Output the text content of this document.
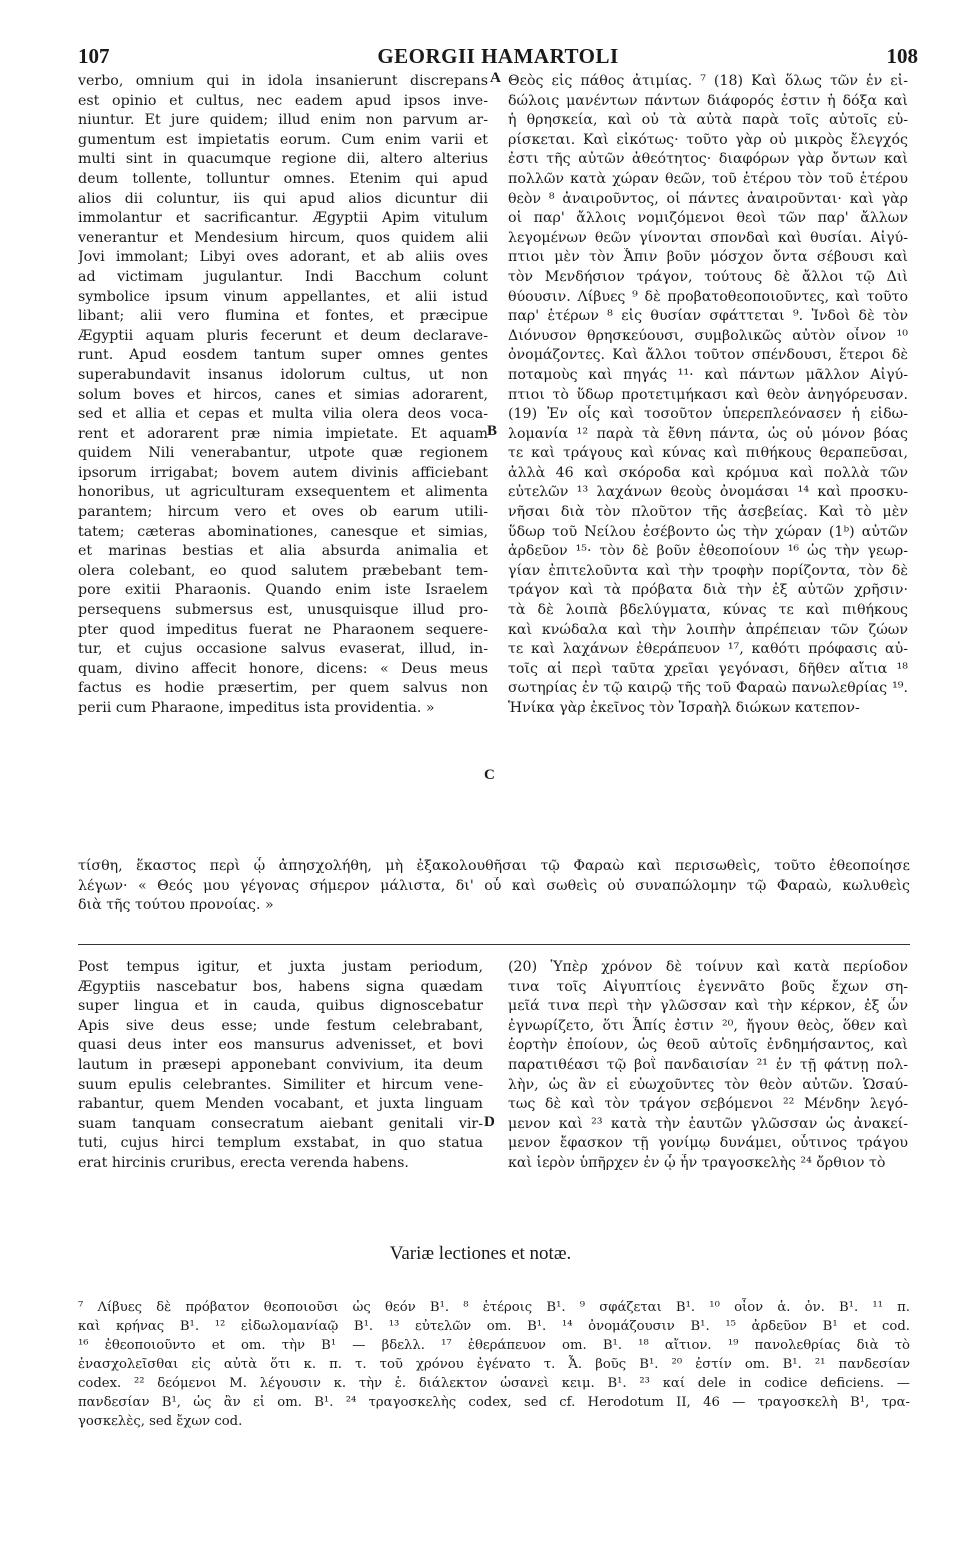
107	GEORGII HAMARTOLI	108
A
B
C
D
verbo, omnium qui in idola insanierunt discrepans
est opinio et cultus, nec eadem apud ipsos inve-
niuntur. Et jure quidem; illud enim non parvum ar-
gumentum est impietatis eorum. Cum enim varii et
multi sint in quacumque regione dii, altero alterius
deum tollente, tolluntur omnes. Etenim qui apud
alios dii coluntur, iis qui apud alios dicuntur dii
immolantur et sacrificantur. Ægyptii Apim vitulum
venerantur et Mendesium hircum, quos quidem alii
Jovi immolant; Libyi oves adorant, et ab aliis oves
ad victimam jugulantur. Indi Bacchum colunt
symbolice ipsum vinum appellantes, et alii istud
libant; alii vero flumina et fontes, et præcipue
Ægyptii aquam pluris fecerunt et deum declarave-
runt. Apud eosdem tantum super omnes gentes
superabundavit insanus idolorum cultus, ut non
solum boves et hircos, canes et simias adorarent,
sed et allia et cepas et multa vilia olera deos voca-
rent et adorarent præ nimia impietate. Et aquam
quidem Nili venerabantur, utpote quæ regionem
ipsorum irrigabat; bovem autem divinis afficiebant
honoribus, ut agriculturam exsequentem et alimenta
parantem; hircum vero et oves ob earum utili-
tatem; cæteras abominationes, canesque et simias,
et marinas bestias et alia absurda animalia et
olera colebant, eo quod salutem præbebant tem-
pore exitii Pharaonis. Quando enim iste Israelem
persequens submersus est, unusquisque illud pro-
pter quod impeditus fuerat ne Pharaonem sequere-
tur, et cujus occasione salvus evaserat, illud, in-
quam, divino affecit honore, dicens: « Deus meus
factus es hodie præsertim, per quem salvus non
perii cum Pharaone, impeditus ista providentia. »
Θεὸς εἰς πάθος ἀτιμίας. ⁷ (18) Καὶ ὅλως τῶν ἐν εἰ-
δώλοις μανέντων πάντων διάφορός ἐστιν ἡ δόξα καὶ
ἡ θρησκεία, καὶ οὐ τὰ αὐτὰ παρὰ τοῖς αὐτοῖς εὑ-
ρίσκεται. Καὶ εἰκότως· τοῦτο γὰρ οὐ μικρὸς ἔλεγχός
ἐστι τῆς αὐτῶν ἀθεότητος· διαφόρων γὰρ ὄντων καὶ
πολλῶν κατὰ χώραν θεῶν, τοῦ ἑτέρου τὸν τοῦ ἑτέρου
θεὸν ⁸ ἀναιροῦντος, οἱ πάντες ἀναιροῦνται· καὶ γὰρ
οἱ παρ' ἄλλοις νομιζόμενοι θεοὶ τῶν παρ' ἄλλων
λεγομένων θεῶν γίνονται σπονδαὶ καὶ θυσίαι. Αἰγύ-
πτιοι μὲν τὸν Ἆπιν βοῦν μόσχον ὄντα σέβουσι καὶ
τὸν Μενδήσιον τράγον, τούτους δὲ ἄλλοι τῷ Διὶ
θύουσιν. Λίβυες ⁹ δὲ προβατοθεοποιοῦντες, καὶ τοῦτο
παρ' ἑτέρων ⁸ εἰς θυσίαν σφάττεται ⁹. Ἰνδοὶ δὲ τὸν
Διόνυσον θρησκεύουσι, συμβολικῶς αὐτὸν οἶνον ¹⁰
ὀνομάζοντες. Καὶ ἄλλοι τοῦτον σπένδουσι, ἕτεροι δὲ
ποταμοὺς καὶ πηγάς ¹¹· καὶ πάντων μᾶλλον Αἰγύ-
πτιοι τὸ ὕδωρ προτετιμήκασι καὶ θεὸν ἀνηγόρευσαν.
(19) Ἐν οἷς καὶ τοσοῦτον ὑπερεπλεόνασεν ἡ εἰδω-
λομανία ¹² παρὰ τὰ ἔθνη πάντα, ὡς οὐ μόνον βόας
τε καὶ τράγους καὶ κύνας καὶ πιθήκους θεραπεῦσαι,
ἀλλὰ 46 καὶ σκόροδα καὶ κρόμυα καὶ πολλὰ τῶν
εὐτελῶν ¹³ λαχάνων θεοὺς ὀνομάσαι ¹⁴ καὶ προσκυ-
νῆσαι διὰ τὸν πλοῦτον τῆς ἀσεβείας. Καὶ τὸ μὲν
ὕδωρ τοῦ Νείλου ἐσέβοντο ὡς τὴν χώραν (1ᵇ) αὐτῶν
ἀρδεῦον ¹⁵· τὸν δὲ βοῦν ἐθεοποίουν ¹⁶ ὡς τὴν γεωρ-
γίαν ἐπιτελοῦντα καὶ τὴν τροφὴν πορίζοντα, τὸν δὲ
τράγον καὶ τὰ πρόβατα διὰ τὴν ἐξ αὐτῶν χρῆσιν·
τὰ δὲ λοιπὰ βδελύγματα, κύνας τε καὶ πιθήκους
καὶ κνώδαλα καὶ τὴν λοιπὴν ἀπρέπειαν τῶν ζώων
τε καὶ λαχάνων ἐθεράπευον ¹⁷, καθότι πρόφασις αὐ-
τοῖς αἱ περὶ ταῦτα χρεῖαι γεγόνασι, δῆθεν αἴτια ¹⁸
σωτηρίας ἐν τῷ καιρῷ τῆς τοῦ Φαραὼ πανωλεθρίας ¹⁹.
Ἡνίκα γὰρ ἐκεῖνος τὸν Ἰσραὴλ διώκων κατεπον-
τίσθη, ἕκαστος περὶ ᾧ ἀπησχολήθη, μὴ ἐξακολουθῆσαι τῷ Φαραὼ καὶ περισωθεὶς, τοῦτο ἐθεοποίησε
λέγων· « Θεός μου γέγονας σήμερον μάλιστα, δι' οὗ καὶ σωθεὶς οὐ συναπώλομην τῷ Φαραὼ, κωλυθεὶς
διὰ τῆς τούτου προνοίας. »
Post tempus igitur, et juxta justam periodum,
Ægyptiis nascebatur bos, habens signa quædam
super lingua et in cauda, quibus dignoscebatur
Apis sive deus esse; unde festum celebrabant,
quasi deus inter eos mansurus advenisset, et bovi
lautum in præsepi apponebant convivium, ita deum
suum epulis celebrantes. Similiter et hircum vene-
rabantur, quem Menden vocabant, et juxta linguam
suam tanquam consecratum aiebant genitali vir-
tuti, cujus hirci templum exstabat, in quo statua
erat hircinis cruribus, erecta verenda habens.
(20) Ὑπὲρ χρόνον δὲ τοίνυν καὶ κατὰ περίοδον
τινα τοῖς Αἰγυπτίοις ἐγεννᾶτο βοῦς ἔχων ση-
μεῖά τινα περὶ τὴν γλῶσσαν καὶ τὴν κέρκον, ἐξ ὧν
ἐγνωρίζετο, ὅτι Ἆπίς ἐστιν ²⁰, ἤγουν θεὸς, ὅθεν καὶ
ἑορτὴν ἐποίουν, ὡς θεοῦ αὐτοῖς ἐνδημήσαντος, καὶ
παρατιθέασι τῷ βοῒ πανδαισίαν ²¹ ἐν τῇ φάτνῃ πολ-
λὴν, ὡς ἂν εἰ εὐωχοῦντες τὸν θεὸν αὐτῶν. Ὡσαύ-
τως δὲ καὶ τὸν τράγον σεβόμενοι ²² Μένδην λεγό-
μενον καὶ ²³ κατὰ τὴν ἑαυτῶν γλῶσσαν ὡς ἀνακεί-
μενον ἔφασκον τῇ γονίμῳ δυνάμει, οὗτινος τράγου
καὶ ἱερὸν ὑπῆρχεν ἐν ᾧ ἦν τραγοσκελὴς ²⁴ ὄρθιον τὸ
Variæ lectiones et notæ.
⁷ Λίβυες δὲ πρόβατον θεοποιοῦσι ὡς θεόν B¹. ⁸ ἑτέροις B¹. ⁹ σφάζεται B¹. ¹⁰ οἶον ἁ. ὀν. B¹. ¹¹ π.
καὶ κρήνας B¹. ¹² εἰδωλομανίαῷ B¹. ¹³ εὐτελῶν om. B¹. ¹⁴ ὀνομάζουσιν B¹. ¹⁵ ἀρδεῦον B¹ et cod.
¹⁶ ἐθεοποιοῦντο et om. τὴν B¹ — βδελλ. ¹⁷ ἐθεράπευον om. B¹. ¹⁸ αἴτιον. ¹⁹ πανολεθρίας διὰ τὸ
ἐνασχολεῖσθαι εἰς αὐτὰ ὅτι κ. π. τ. τοῦ χρόνου ἐγένατο τ. Ἆ. βοῦς B¹. ²⁰ ἐστίν om. B¹. ²¹ πανδεσίαν
codex. ²² δεόμενοι M. λέγουσιν κ. τὴν ἑ. διάλεκτον ὡσανεὶ κειμ. B¹. ²³ καί dele in codice deficiens. —
πανδεσίαν B¹, ὡς ἂν εἰ om. B¹. ²⁴ τραγοσκελὴς codex, sed cf. Herodotum II, 46 — τραγοσκελὴ B¹, τρα-
γοσκελὲς, sed ἔχων cod.
